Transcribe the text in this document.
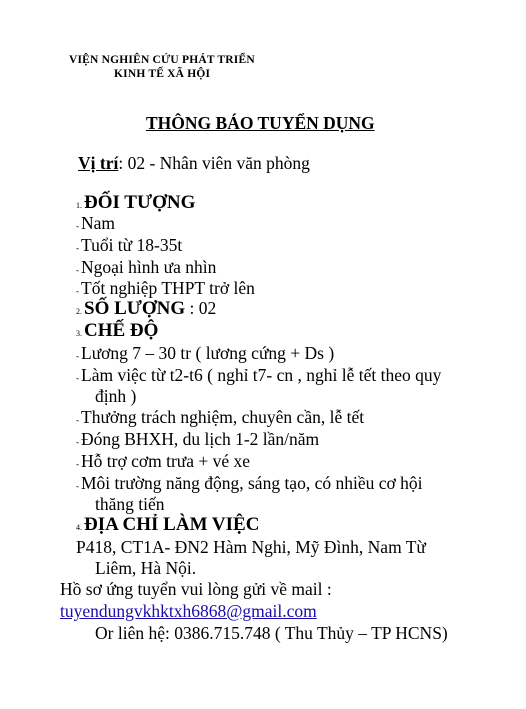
VIỆN NGHIÊN CỨU PHÁT TRIỂN
KINH TẾ XÃ HỘI
THÔNG BÁO TUYỂN DỤNG
Vị trí: 02 - Nhân viên văn phòng
1. ĐỐI TƯỢNG
- Nam
- Tuổi từ 18-35t
- Ngoại hình ưa nhìn
- Tốt nghiệp THPT trở lên
2. SỐ LƯỢNG : 02
3. CHẾ ĐỘ
- Lương 7 – 30 tr ( lương cứng + Ds )
- Làm việc từ t2-t6 ( nghỉ t7- cn , nghỉ lễ tết theo quy
định )
- Thưởng trách nghiệm, chuyên cần, lễ tết
- Đóng BHXH, du lịch 1-2 lần/năm
- Hỗ trợ cơm trưa + vé xe
- Môi trường năng động, sáng tạo, có nhiều cơ hội
thăng tiến
4. ĐỊA CHỈ LÀM VIỆC
P418, CT1A- ĐN2 Hàm Nghi, Mỹ Đình, Nam Từ
Liêm, Hà Nội.
Hồ sơ ứng tuyển vui lòng gửi về mail :
tuyendungvkhktxh6868@gmail.com
Or liên hệ: 0386.715.748 ( Thu Thủy – TP HCNS)
